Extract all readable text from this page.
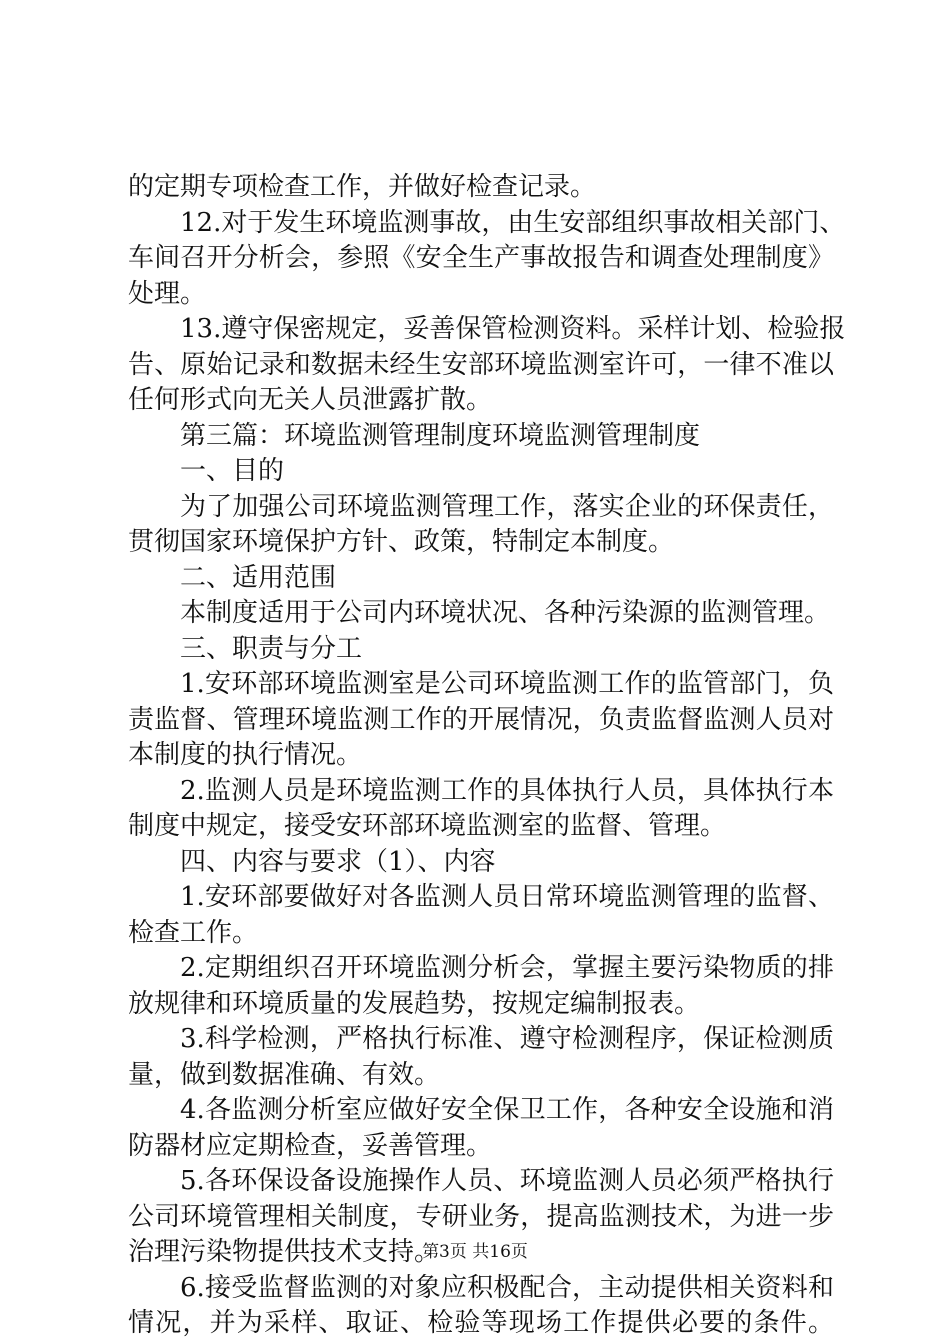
的定期专项检查工作，并做好检查记录。
12.对于发生环境监测事故，由生安部组织事故相关部门、
车间召开分析会，参照《安全生产事故报告和调查处理制度》
处理。
13.遵守保密规定，妥善保管检测资料。采样计划、检验报
告、原始记录和数据未经生安部环境监测室许可，一律不准以
任何形式向无关人员泄露扩散。
第三篇：环境监测管理制度环境监测管理制度
一、目的
为了加强公司环境监测管理工作，落实企业的环保责任，
贯彻国家环境保护方针、政策，特制定本制度。
二、适用范围
本制度适用于公司内环境状况、各种污染源的监测管理。
三、职责与分工
1.安环部环境监测室是公司环境监测工作的监管部门，负
责监督、管理环境监测工作的开展情况，负责监督监测人员对
本制度的执行情况。
2.监测人员是环境监测工作的具体执行人员，具体执行本
制度中规定，接受安环部环境监测室的监督、管理。
四、内容与要求（1）、内容
1.安环部要做好对各监测人员日常环境监测管理的监督、
检查工作。
2.定期组织召开环境监测分析会，掌握主要污染物质的排
放规律和环境质量的发展趋势，按规定编制报表。
3.科学检测，严格执行标准、遵守检测程序，保证检测质
量，做到数据准确、有效。
4.各监测分析室应做好安全保卫工作，各种安全设施和消
防器材应定期检查，妥善管理。
5.各环保设备设施操作人员、环境监测人员必须严格执行
公司环境管理相关制度，专研业务，提高监测技术，为进一步
治理污染物提供技术支持。
6.接受监督监测的对象应积极配合，主动提供相关资料和
情况，并为采样、取证、检验等现场工作提供必要的条件。
第3页 共16页
